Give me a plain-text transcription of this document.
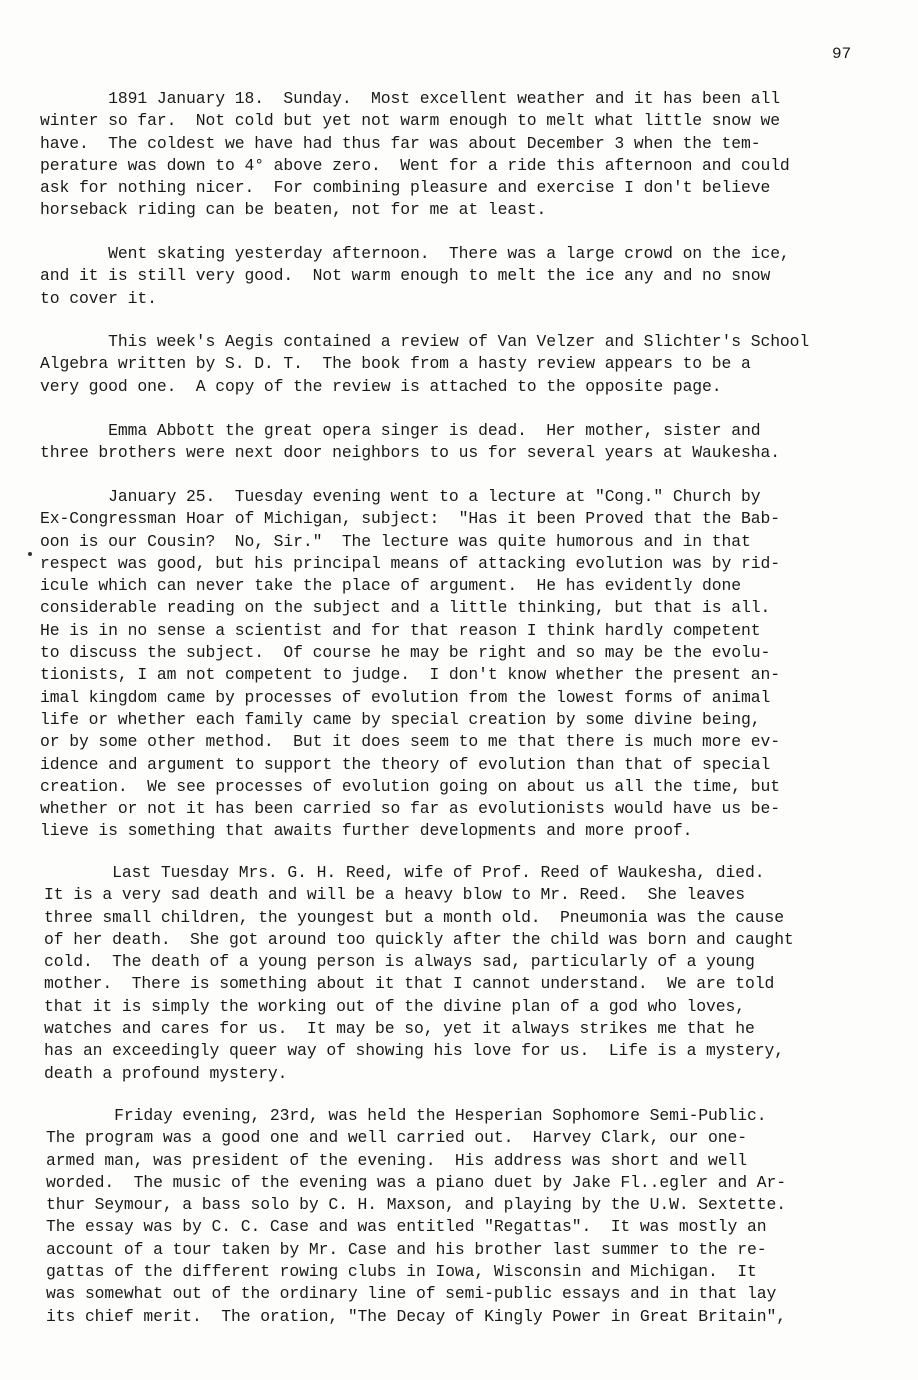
97

1891 January 18.  Sunday.  Most excellent weather and it has been all
winter so far.  Not cold but yet not warm enough to melt what little snow we
have.  The coldest we have had thus far was about December 3 when the tem-
perature was down to 4° above zero.  Went for a ride this afternoon and could
ask for nothing nicer.  For combining pleasure and exercise I don't believe
horseback riding can be beaten, not for me at least.
Went skating yesterday afternoon.  There was a large crowd on the ice,
and it is still very good.  Not warm enough to melt the ice any and no snow
to cover it.
This week's Aegis contained a review of Van Velzer and Slichter's School
Algebra written by S. D. T.  The book from a hasty review appears to be a
very good one.  A copy of the review is attached to the opposite page.
Emma Abbott the great opera singer is dead.  Her mother, sister and
three brothers were next door neighbors to us for several years at Waukesha.
January 25.  Tuesday evening went to a lecture at "Cong." Church by
Ex-Congressman Hoar of Michigan, subject:  "Has it been Proved that the Bab-
oon is our Cousin?  No, Sir."  The lecture was quite humorous and in that
respect was good, but his principal means of attacking evolution was by rid-
icule which can never take the place of argument.  He has evidently done
considerable reading on the subject and a little thinking, but that is all.
He is in no sense a scientist and for that reason I think hardly competent
to discuss the subject.  Of course he may be right and so may be the evolu-
tionists, I am not competent to judge.  I don't know whether the present an-
imal kingdom came by processes of evolution from the lowest forms of animal
life or whether each family came by special creation by some divine being,
or by some other method.  But it does seem to me that there is much more ev-
idence and argument to support the theory of evolution than that of special
creation.  We see processes of evolution going on about us all the time, but
whether or not it has been carried so far as evolutionists would have us be-
lieve is something that awaits further developments and more proof.
Last Tuesday Mrs. G. H. Reed, wife of Prof. Reed of Waukesha, died.
It is a very sad death and will be a heavy blow to Mr. Reed.  She leaves
three small children, the youngest but a month old.  Pneumonia was the cause
of her death.  She got around too quickly after the child was born and caught
cold.  The death of a young person is always sad, particularly of a young
mother.  There is something about it that I cannot understand.  We are told
that it is simply the working out of the divine plan of a god who loves,
watches and cares for us.  It may be so, yet it always strikes me that he
has an exceedingly queer way of showing his love for us.  Life is a mystery,
death a profound mystery.
Friday evening, 23rd, was held the Hesperian Sophomore Semi-Public.
The program was a good one and well carried out.  Harvey Clark, our one-
armed man, was president of the evening.  His address was short and well
worded.  The music of the evening was a piano duet by Jake Fl..egler and Ar-
thur Seymour, a bass solo by C. H. Maxson, and playing by the U.W. Sextette.
The essay was by C. C. Case and was entitled "Regattas".  It was mostly an
account of a tour taken by Mr. Case and his brother last summer to the re-
gattas of the different rowing clubs in Iowa, Wisconsin and Michigan.  It
was somewhat out of the ordinary line of semi-public essays and in that lay
its chief merit.  The oration, "The Decay of Kingly Power in Great Britain",
